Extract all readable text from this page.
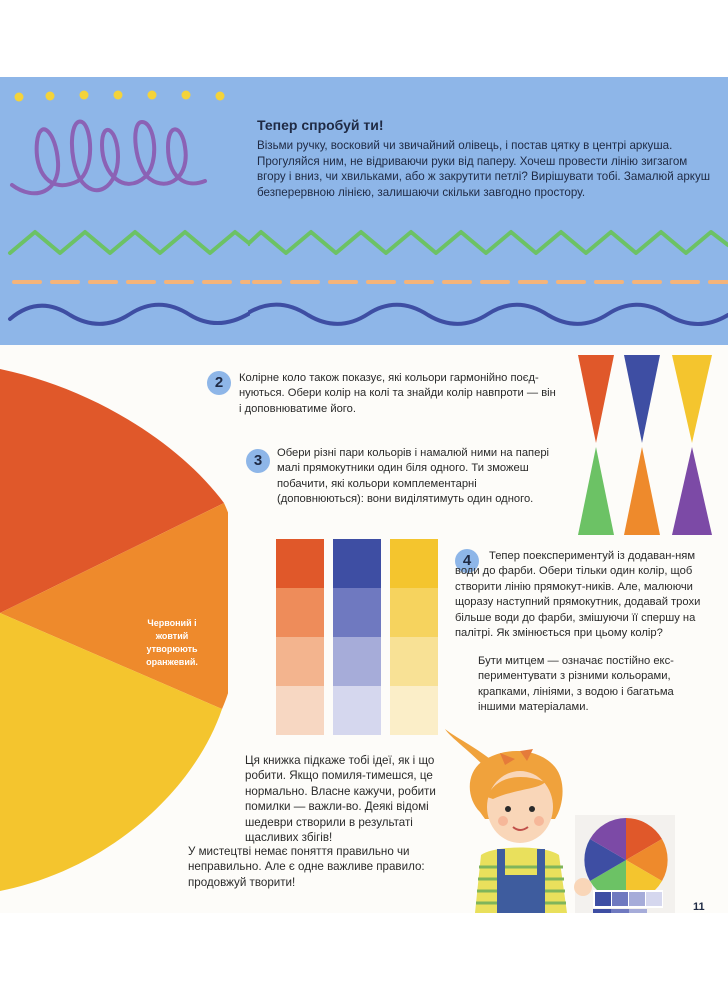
Тепер спробуй ти!

Візьми ручку, восковий чи звичайний олівець, і постав цятку в центрі аркуша. Прогуляйся ним, не відриваючи руки від паперу. Хочеш провести лінію зигзагом вгору і вниз, чи хвильками, або ж закрутити петлі? Вирішувати тобі. Замалюй аркуш безперервною лінією, залишаючи скільки завгодно простору.

Червоний і жовтий утворюють оранжевий.
2	Колірне коло також показує, які кольори гармонійно поєд-нуються. Обери колір на колі та знайди колір навпроти — він і доповнюватиме його.

3	Обери різні пари кольорів і намалюй ними на папері малі прямокутники один біля одного. Ти зможеш побачити, які кольори комплементарні (доповнюються): вони виділятимуть один одного.

4	Тепер поекспериментуй із додаван-ням води до фарби. Обери тільки один колір, щоб створити лінію прямокут-ників. Але, малюючи щоразу наступний прямокутник, додавай трохи більше води до фарби, змішуючи її спершу на палітрі. Як змінюється при цьому колір?

Бути митцем — означає постійно екс-периментувати з різними кольорами, крапками, лініями, з водою і багатьма іншими матеріалами.

Ця книжка підкаже тобі ідеї, як і що робити. Якщо помиля-тимешся, це нормально. Власне кажучи, робити помилки — важли-во. Деякі відомі шедеври створили в результаті щасливих збігів!

У мистецтві немає поняття правильно чи неправильно. Але є одне важливе правило: продовжуй творити!

11
